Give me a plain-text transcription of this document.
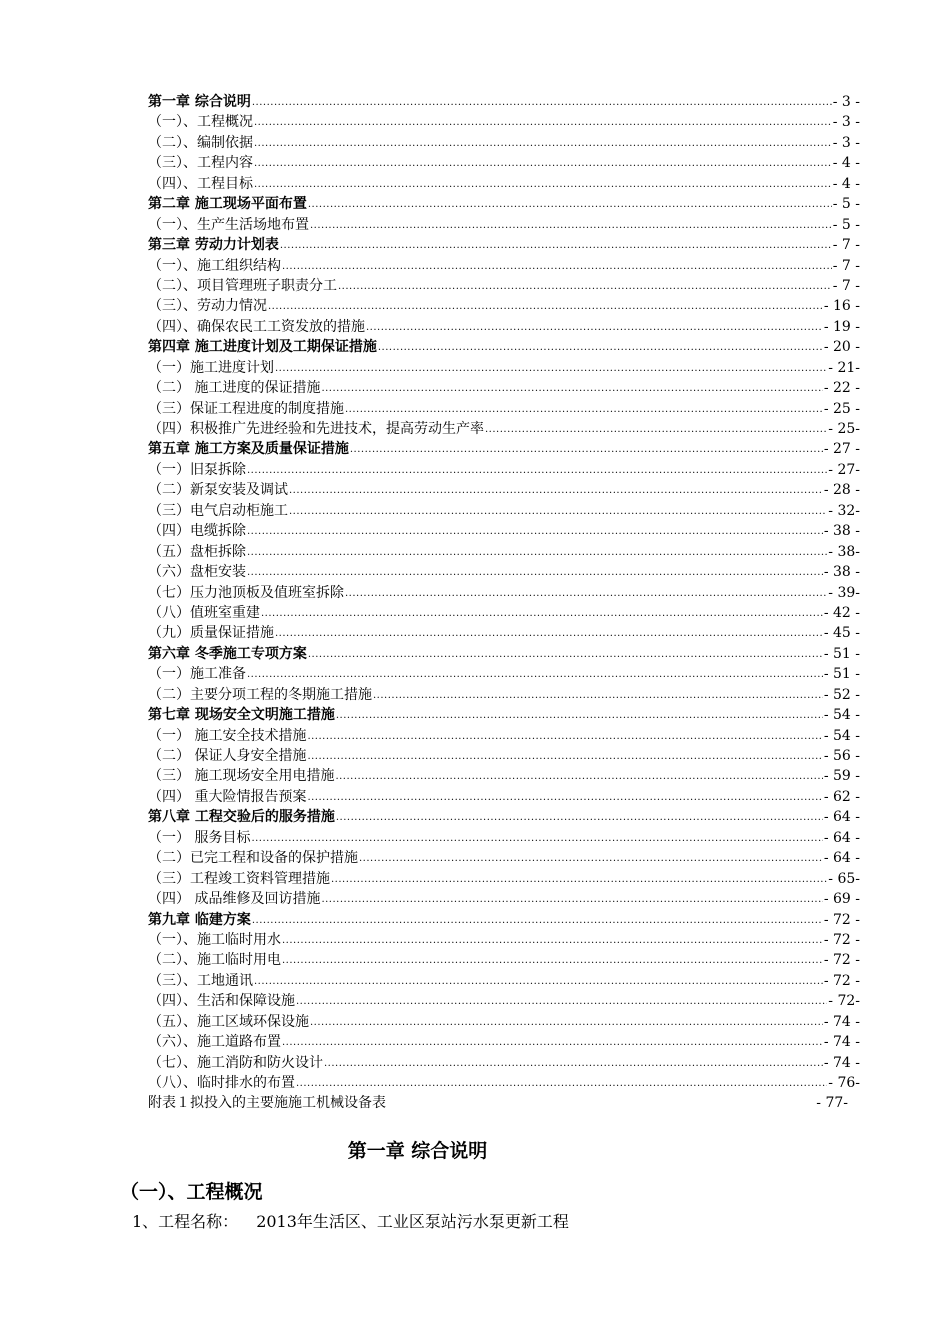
第一章 综合说明 .....	- 3 -
（一）、工程概况 .....	- 3 -
（二）、编制依据 .....	- 3 -
（三）、工程内容 .....	- 4 -
（四）、工程目标 .....	- 4 -
第二章 施工现场平面布置 .....	- 5 -
（一）、生产生活场地布置 .....	- 5 -
第三章 劳动力计划表 .....	- 7 -
（一）、施工组织结构 .....	- 7 -
（二）、项目管理班子职责分工 .....	- 7 -
（三）、劳动力情况 .....	- 16 -
（四）、确保农民工工资发放的措施 .....	- 19 -
第四章 施工进度计划及工期保证措施 .....	- 20 -
（一）施工进度计划 .....	- 21-
（二） 施工进度的保证措施 .....	- 22 -
（三）保证工程进度的制度措施 .....	- 25 -
（四）积极推广先进经验和先进技术，提高劳动生产率 .....	- 25-
第五章 施工方案及质量保证措施 .....	- 27 -
（一）旧泵拆除 .....	- 27-
（二）新泵安装及调试 .....	- 28 -
（三）电气启动柜施工 .....	- 32-
（四）电缆拆除 .....	- 38 -
（五）盘柜拆除 .....	- 38-
（六）盘柜安装 .....	- 38 -
（七）压力池顶板及值班室拆除 .....	- 39-
（八）值班室重建 .....	- 42 -
（九）质量保证措施 .....	- 45 -
第六章 冬季施工专项方案 .....	- 51 -
（一）施工准备 .....	- 51 -
（二）主要分项工程的冬期施工措施 .....	- 52 -
第七章 现场安全文明施工措施 .....	- 54 -
（一） 施工安全技术措施 .....	- 54 -
（二） 保证人身安全措施 .....	- 56 -
（三） 施工现场安全用电措施 .....	- 59 -
（四） 重大险情报告预案 .....	- 62 -
第八章 工程交验后的服务措施 .....	- 64 -
（一） 服务目标 .....	- 64 -
（二）已完工程和设备的保护措施 .....	- 64 -
（三）工程竣工资料管理措施 .....	- 65-
（四） 成品维修及回访措施 .....	- 69 -
第九章 临建方案 .....	- 72 -
（一）、施工临时用水 .....	- 72 -
（二）、施工临时用电 .....	- 72 -
（三）、工地通讯 .....	- 72 -
（四）、生活和保障设施 .....	- 72-
（五）、施工区域环保设施 .....	- 74 -
（六）、施工道路布置 .....	- 74 -
（七）、施工消防和防火设计 .....	- 74 -
（八）、临时排水的布置 .....	- 76-
附表１拟投入的主要施施工机械设备表	- 77-
第一章 综合说明
（一）、工程概况
1、工程名称： 2013年生活区、工业区泵站污水泵更新工程
